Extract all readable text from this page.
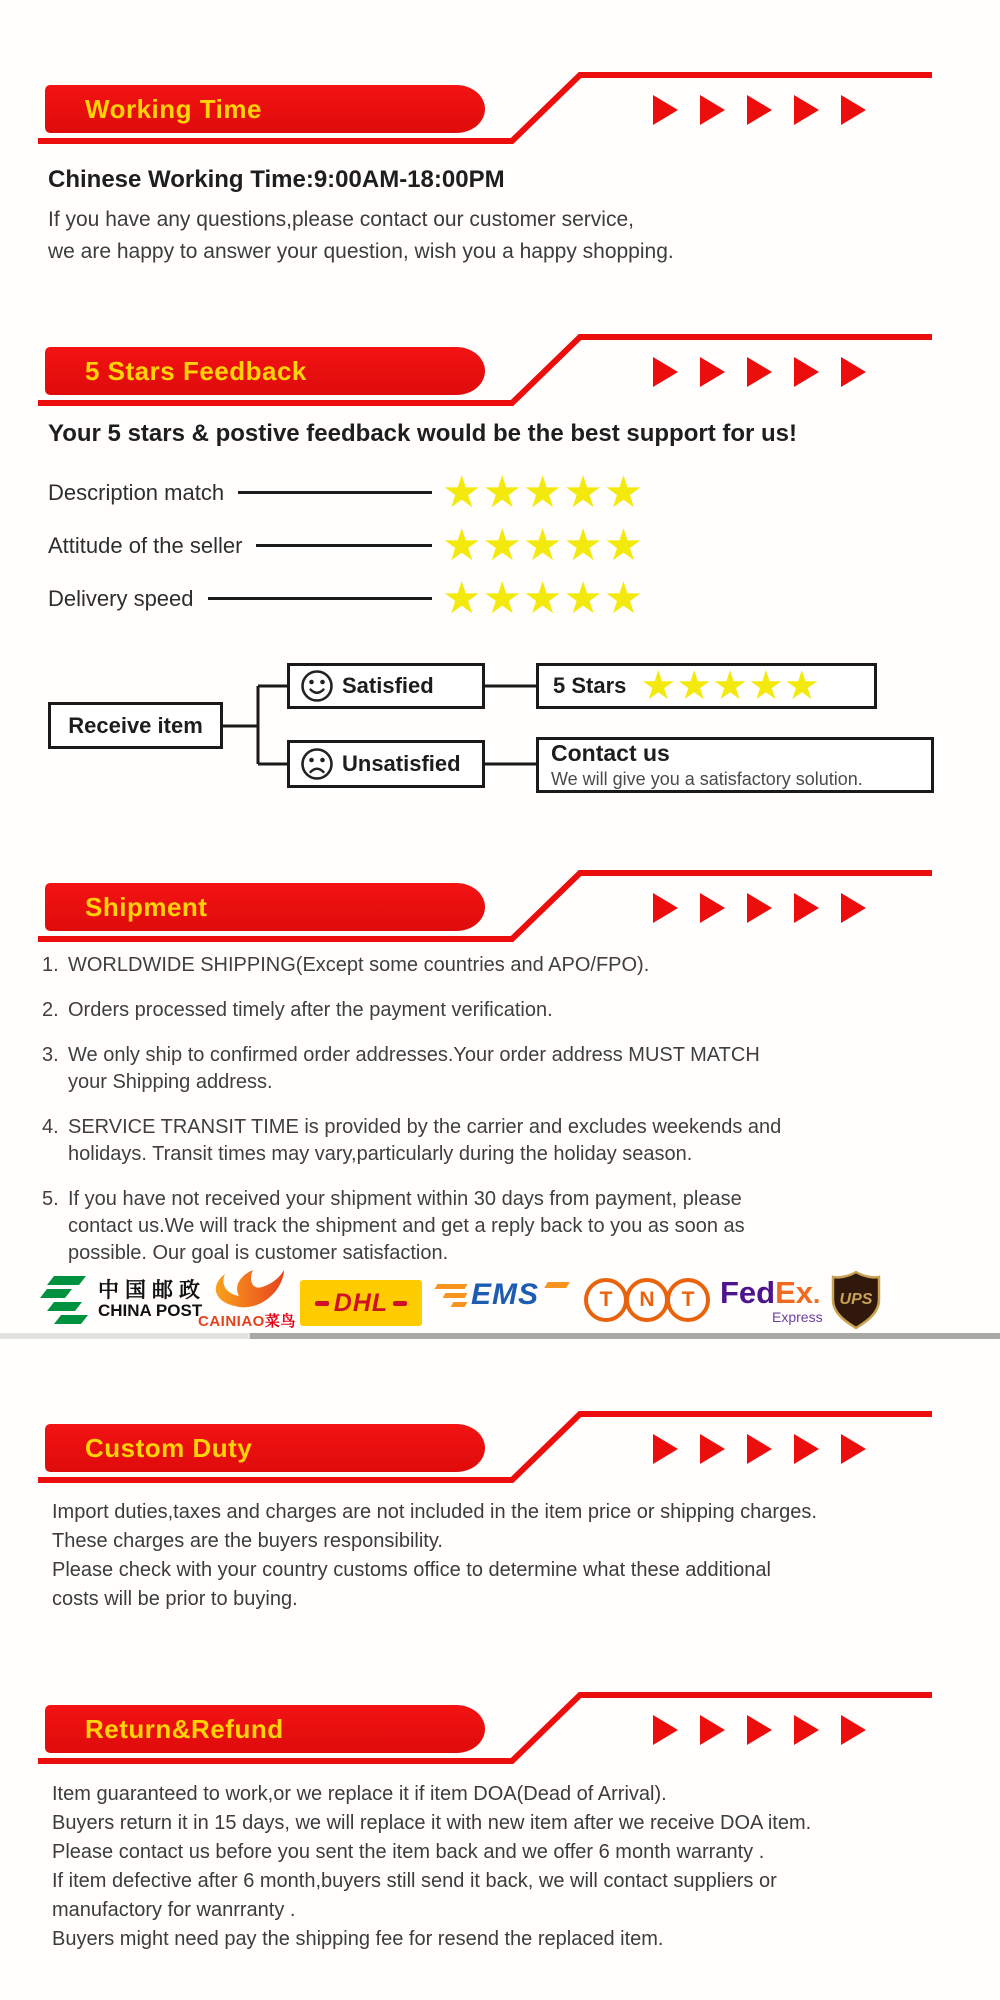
Working Time
Chinese Working Time:9:00AM-18:00PM
If you have any questions,please contact our customer service,
we are happy to answer your question, wish you a happy shopping.
5 Stars Feedback
Your 5 stars & postive feedback would be the best support for us!
Description match	★★★★★
Attitude of the seller	★★★★★
Delivery speed	★★★★★
Receive item
Satisfied
Unsatisfied
5 Stars ★★★★★
Contact us
We will give you a satisfactory solution.
Shipment
1. WORLDWIDE SHIPPING(Except some countries and APO/FPO).
2. Orders processed timely after the payment verification.
3. We only ship to confirmed order addresses.Your order address MUST MATCH
your Shipping address.
4. SERVICE TRANSIT TIME is provided by the carrier and excludes weekends and
holidays. Transit times may vary,particularly during the holiday season.
5. If you have not received your shipment within 30 days from payment, please
contact us.We will track the shipment and get a reply back to you as soon as
possible. Our goal is customer satisfaction.
中国邮政
CHINA POST
CAINIAO菜鸟
DHL	EMS	T	N	T FedEx.
Express
UPS
Custom Duty
Import duties,taxes and charges are not included in the item price or shipping charges.
These charges are the buyers responsibility.
Please check with your country customs office to determine what these additional
costs will be prior to buying.
Return&Refund
Item guaranteed to work,or we replace it if item DOA(Dead of Arrival).
Buyers return it in 15 days, we will replace it with new item after we receive DOA item.
Please contact us before you sent the item back and we offer 6 month warranty .
If item defective after 6 month,buyers still send it back, we will contact suppliers or
manufactory for wanrranty .
Buyers might need pay the shipping fee for resend the replaced item.
